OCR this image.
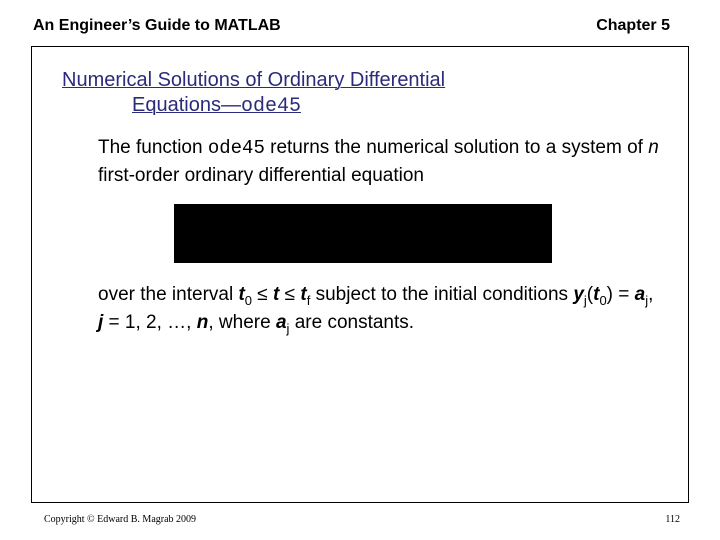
An Engineer’s Guide to MATLAB	Chapter 5
Numerical Solutions of Ordinary Differential
Equations—ode45
The function ode45 returns the numerical solution to a system of n first-order ordinary differential equation
over the interval $t_0 \le t \le t_f$ subject to the initial conditions $y_j(t_0) = a_j$, j = 1, 2, …, n, where $a_j$ are constants.
Copyright © Edward B. Magrab 2009	112
